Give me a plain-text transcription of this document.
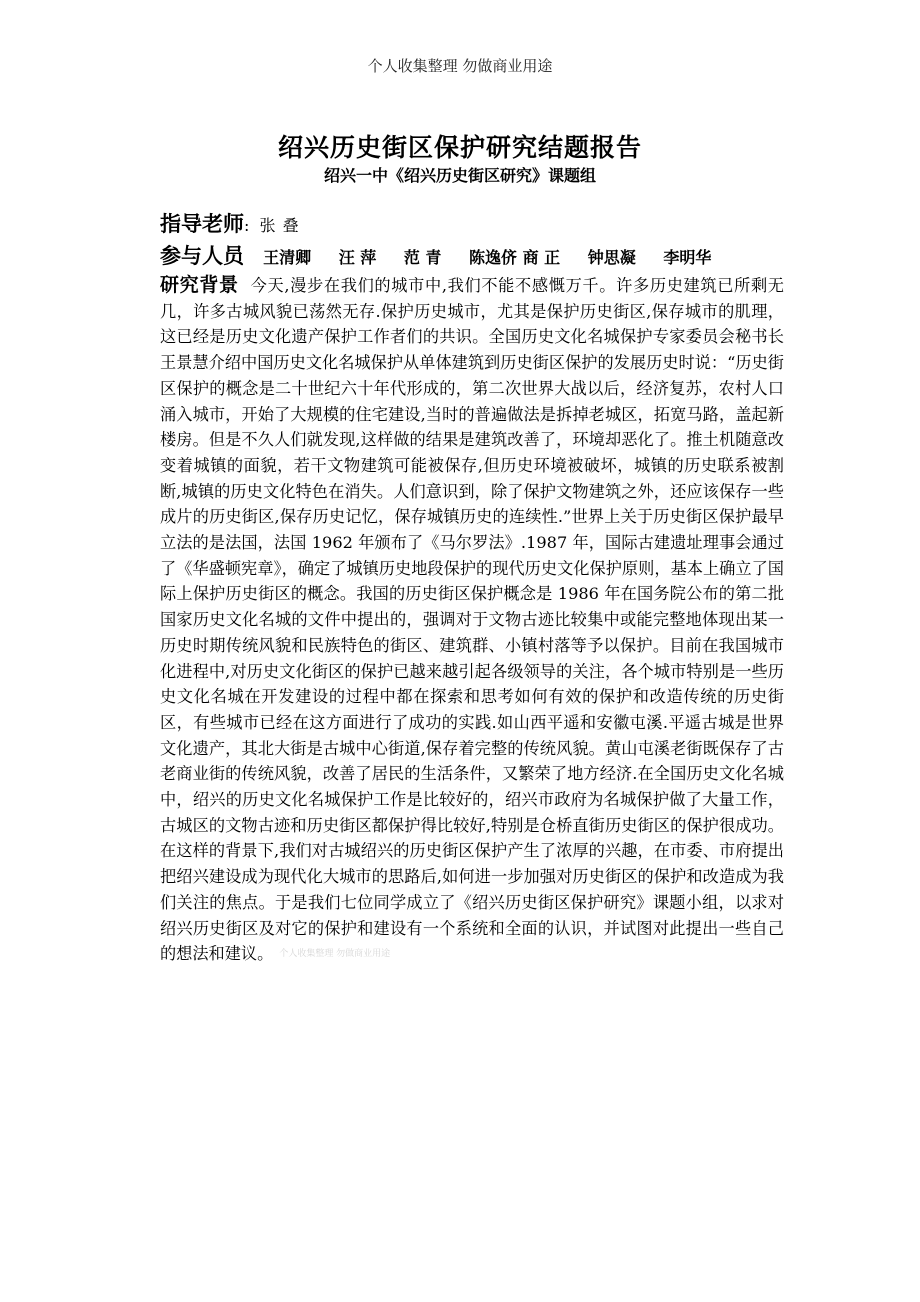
个人收集整理 勿做商业用途
绍兴历史街区保护研究结题报告
绍兴一中《绍兴历史街区研究》课题组
指导老师: 张 叠
参与人员 王清卿 汪 萍 范 青 陈逸侪 商 正 钟思凝 李明华
研究背景 今天,漫步在我们的城市中,我们不能不感慨万千。许多历史建筑已所剩无几，许多古城风貌已荡然无存.保护历史城市，尤其是保护历史街区,保存城市的肌理，这已经是历史文化遗产保护工作者们的共识。全国历史文化名城保护专家委员会秘书长王景慧介绍中国历史文化名城保护从单体建筑到历史街区保护的发展历史时说：“历史街区保护的概念是二十世纪六十年代形成的，第二次世界大战以后，经济复苏，农村人口涌入城市，开始了大规模的住宅建设,当时的普遍做法是拆掉老城区，拓宽马路，盖起新楼房。但是不久人们就发现,这样做的结果是建筑改善了，环境却恶化了。推土机随意改变着城镇的面貌，若干文物建筑可能被保存,但历史环境被破坏，城镇的历史联系被割断,城镇的历史文化特色在消失。人们意识到，除了保护文物建筑之外，还应该保存一些成片的历史街区,保存历史记忆，保存城镇历史的连续性.”世界上关于历史街区保护最早立法的是法国，法国 1962 年颁布了《马尔罗法》.1987 年，国际古建遗址理事会通过了《华盛顿宪章》，确定了城镇历史地段保护的现代历史文化保护原则，基本上确立了国际上保护历史街区的概念。我国的历史街区保护概念是 1986 年在国务院公布的第二批国家历史文化名城的文件中提出的，强调对于文物古迹比较集中或能完整地体现出某一历史时期传统风貌和民族特色的街区、建筑群、小镇村落等予以保护。目前在我国城市化进程中,对历史文化街区的保护已越来越引起各级领导的关注，各个城市特别是一些历史文化名城在开发建设的过程中都在探索和思考如何有效的保护和改造传统的历史街区，有些城市已经在这方面进行了成功的实践.如山西平遥和安徽屯溪.平遥古城是世界文化遗产，其北大街是古城中心街道,保存着完整的传统风貌。黄山屯溪老街既保存了古老商业街的传统风貌，改善了居民的生活条件，又繁荣了地方经济.在全国历史文化名城中，绍兴的历史文化名城保护工作是比较好的，绍兴市政府为名城保护做了大量工作，古城区的文物古迹和历史街区都保护得比较好,特别是仓桥直街历史街区的保护很成功。在这样的背景下,我们对古城绍兴的历史街区保护产生了浓厚的兴趣，在市委、市府提出把绍兴建设成为现代化大城市的思路后,如何进一步加强对历史街区的保护和改造成为我们关注的焦点。于是我们七位同学成立了《绍兴历史街区保护研究》课题小组，以求对绍兴历史街区及对它的保护和建设有一个系统和全面的认识，并试图对此提出一些自己的想法和建议。 个人收集整理 勿做商业用途
